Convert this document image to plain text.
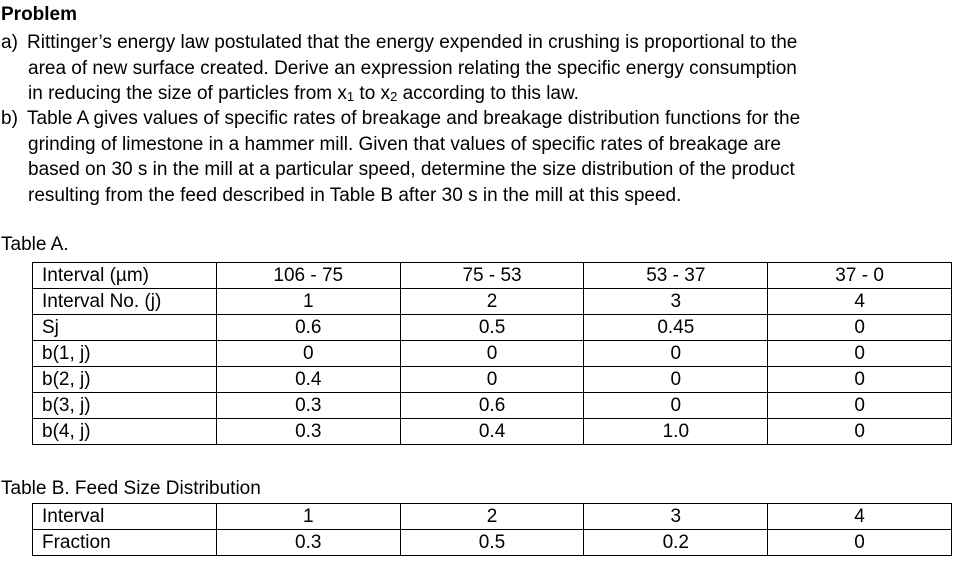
Problem
a) Rittinger’s energy law postulated that the energy expended in crushing is proportional to the
area of new surface created. Derive an expression relating the specific energy consumption
in reducing the size of particles from $x_1$ to $x_2$ according to this law.
b) Table A gives values of specific rates of breakage and breakage distribution functions for the
grinding of limestone in a hammer mill. Given that values of specific rates of breakage are
based on 30 s in the mill at a particular speed, determine the size distribution of the product
resulting from the feed described in Table B after 30 s in the mill at this speed.
Table A.
Interval (µm)	106 - 75	75 - 53	53 - 37	37 - 0
Interval No. (j)	1	2	3	4
Sj	0.6	0.5	0.45	0
b(1, j)	0	0	0	0
b(2, j)	0.4	0	0	0
b(3, j)	0.3	0.6	0	0
b(4, j)	0.3	0.4	1.0	0
Table B. Feed Size Distribution
Interval	1	2	3	4
Fraction	0.3	0.5	0.2	0
